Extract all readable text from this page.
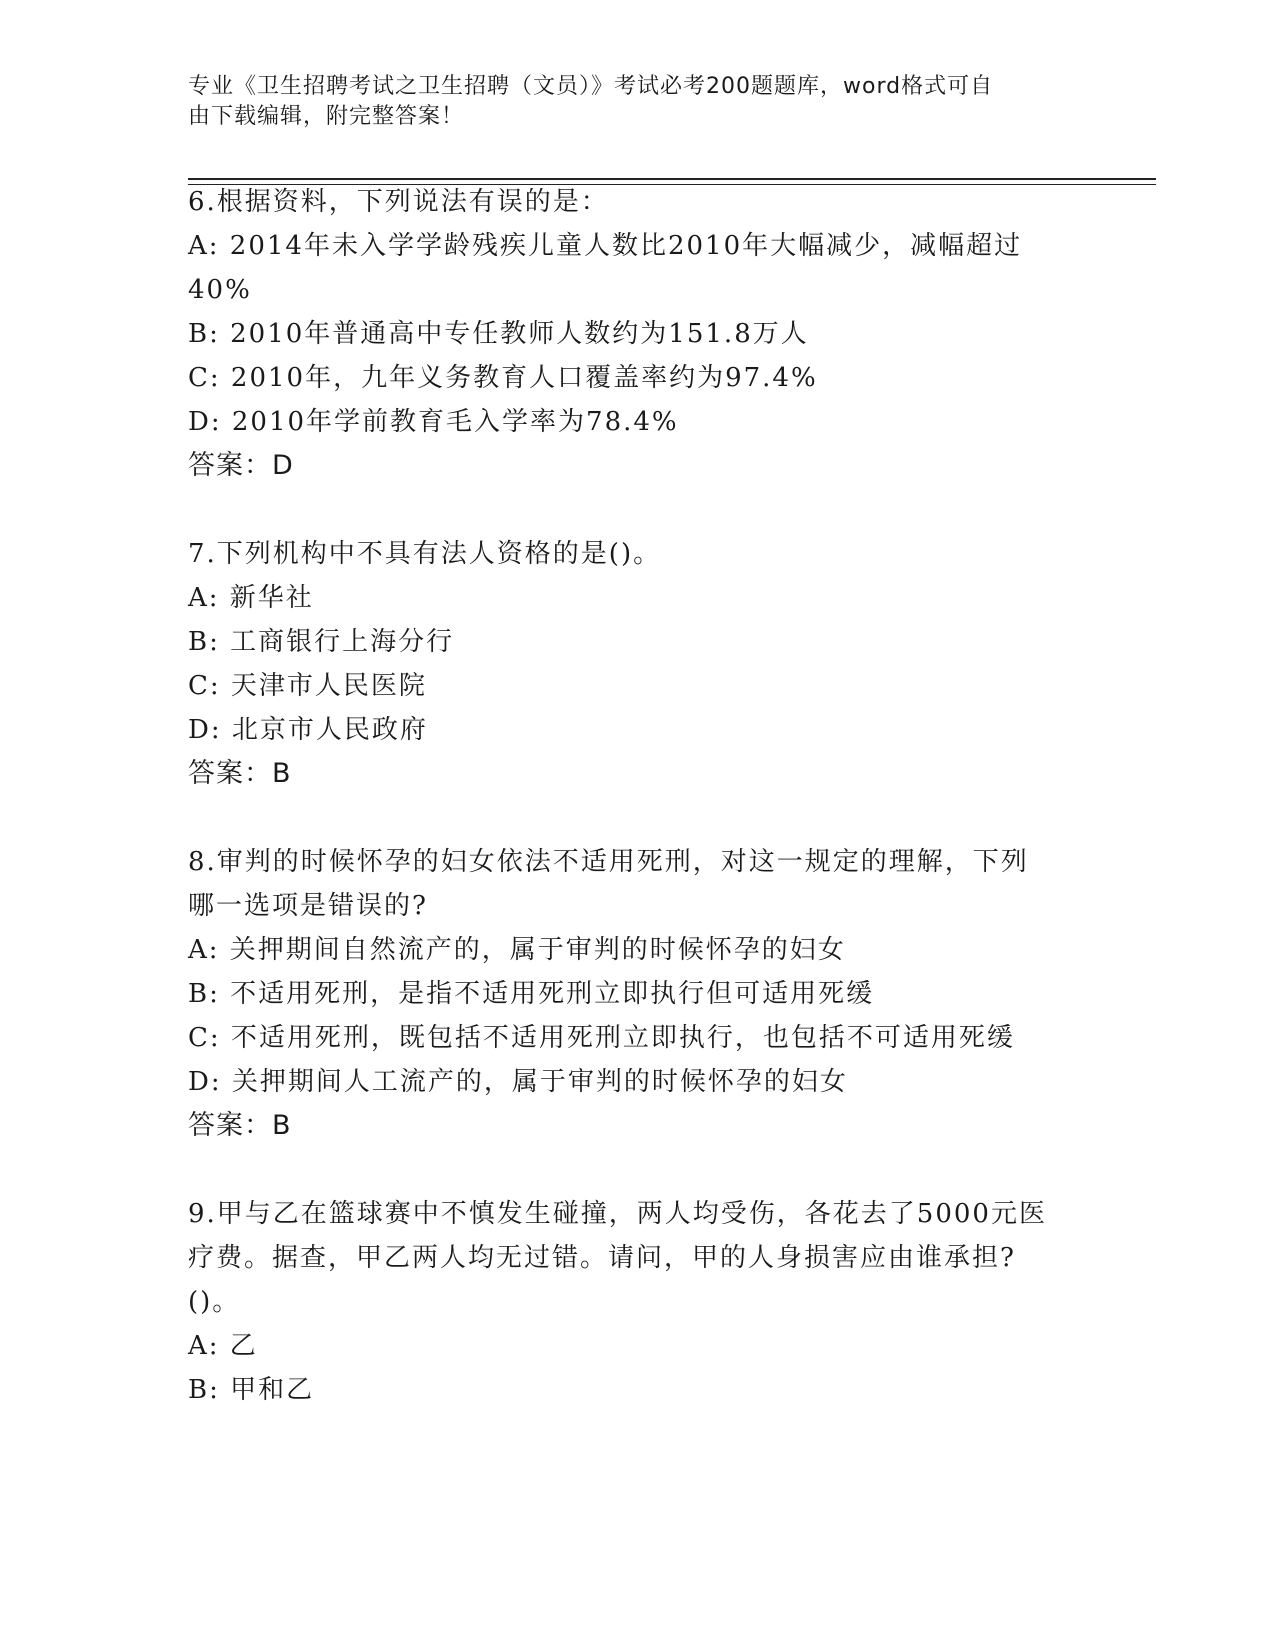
专业《卫生招聘考试之卫生招聘（文员）》考试必考200题题库，word格式可自
由下载编辑，附完整答案！
6.根据资料，下列说法有误的是：
A: 2014年未入学学龄残疾儿童人数比2010年大幅减少，减幅超过
40%
B: 2010年普通高中专任教师人数约为151.8万人
C: 2010年，九年义务教育人口覆盖率约为97.4%
D: 2010年学前教育毛入学率为78.4%
答案：D
7.下列机构中不具有法人资格的是()。
A: 新华社
B: 工商银行上海分行
C: 天津市人民医院
D: 北京市人民政府
答案：B
8.审判的时候怀孕的妇女依法不适用死刑，对这一规定的理解，下列
哪一选项是错误的?
A: 关押期间自然流产的，属于审判的时候怀孕的妇女
B: 不适用死刑，是指不适用死刑立即执行但可适用死缓
C: 不适用死刑，既包括不适用死刑立即执行，也包括不可适用死缓
D: 关押期间人工流产的，属于审判的时候怀孕的妇女
答案：B
9.甲与乙在篮球赛中不慎发生碰撞，两人均受伤，各花去了5000元医
疗费。据查，甲乙两人均无过错。请问，甲的人身损害应由谁承担?
()。
A: 乙
B: 甲和乙
